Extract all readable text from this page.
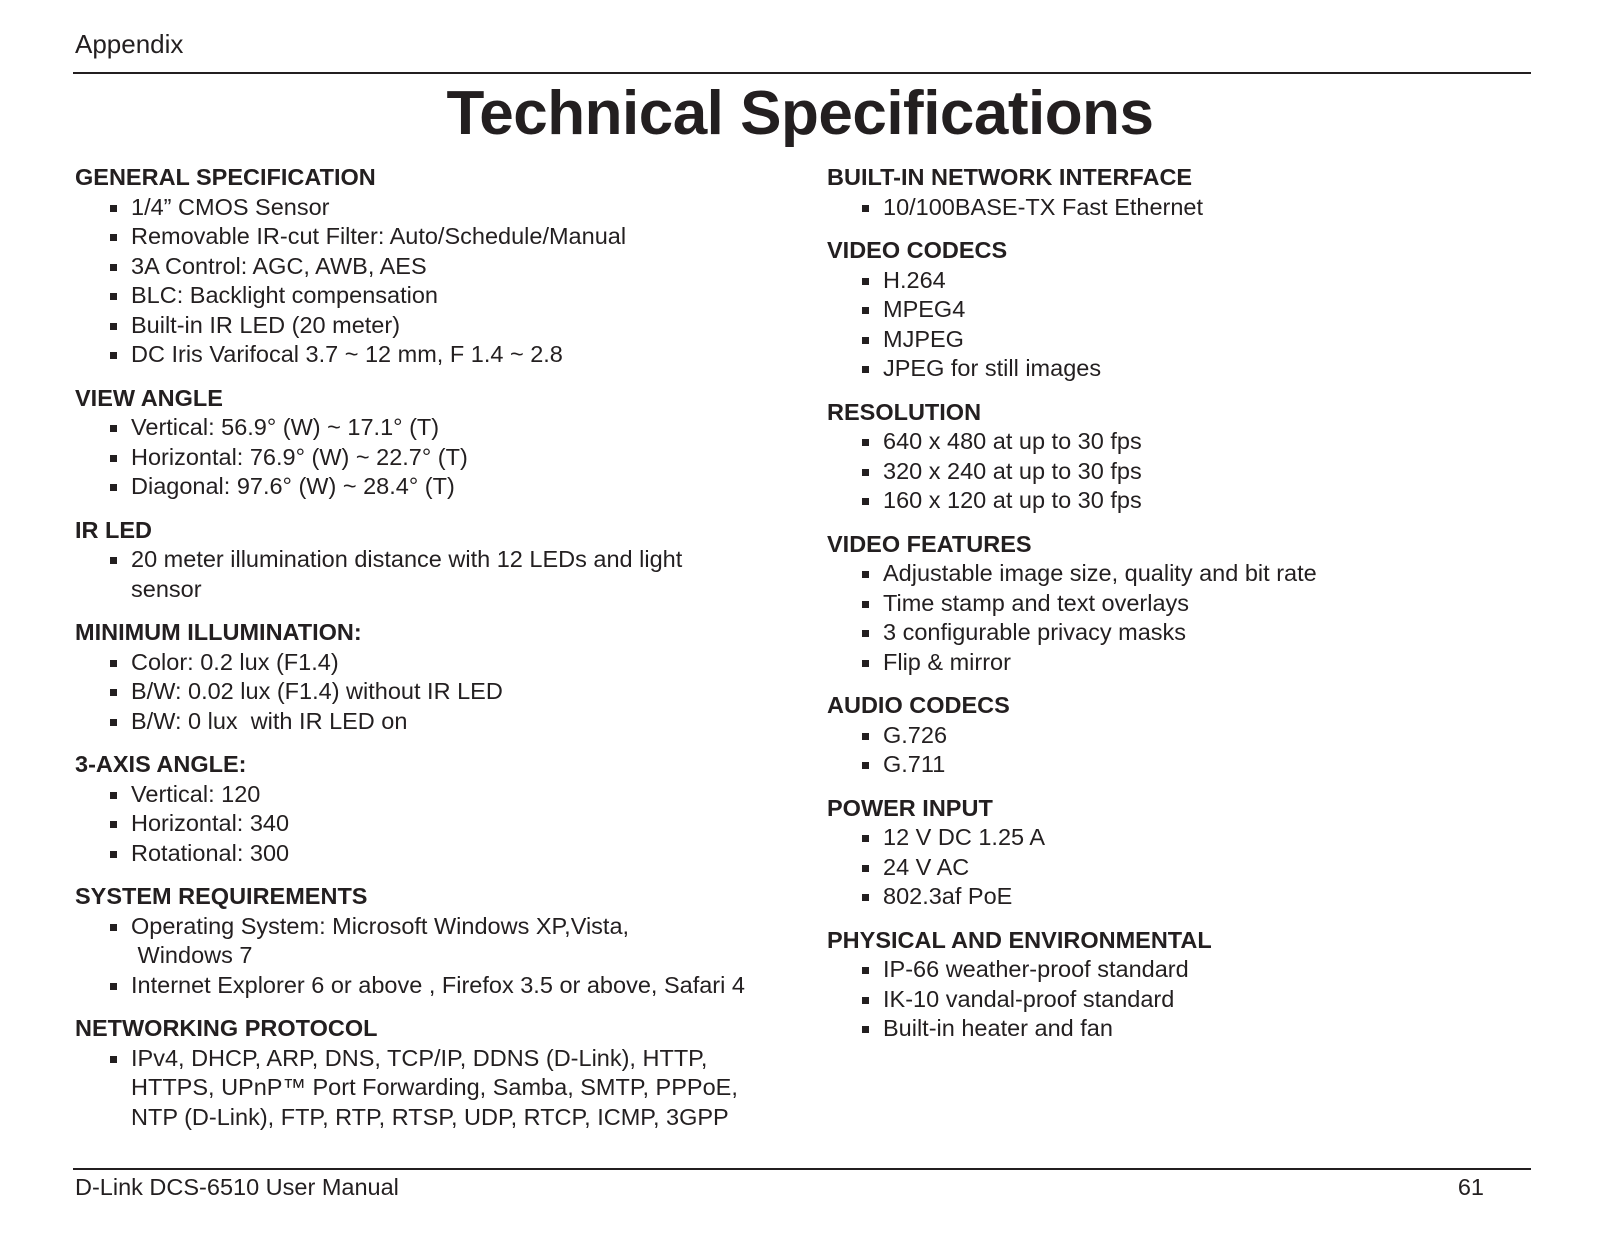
Appendix
Technical Specifications
GENERAL SPECIFICATION
1/4” CMOS Sensor
Removable IR-cut Filter: Auto/Schedule/Manual
3A Control: AGC, AWB, AES
BLC: Backlight compensation
Built-in IR LED (20 meter)
DC Iris Varifocal 3.7 ~ 12 mm, F 1.4 ~ 2.8
VIEW ANGLE
Vertical: 56.9° (W) ~ 17.1° (T)
Horizontal: 76.9° (W) ~ 22.7° (T)
Diagonal: 97.6° (W) ~ 28.4° (T)
IR LED
20 meter illumination distance with 12 LEDs and light
sensor
MINIMUM ILLUMINATION:
Color: 0.2 lux (F1.4)
B/W: 0.02 lux (F1.4) without IR LED
B/W: 0 lux  with IR LED on
3-AXIS ANGLE:
Vertical: 120
Horizontal: 340
Rotational: 300
SYSTEM REQUIREMENTS
Operating System: Microsoft Windows XP,Vista,
Windows 7
Internet Explorer 6 or above , Firefox 3.5 or above, Safari 4
NETWORKING PROTOCOL
IPv4, DHCP, ARP, DNS, TCP/IP, DDNS (D-Link), HTTP,
HTTPS, UPnP™ Port Forwarding, Samba, SMTP, PPPoE,
NTP (D-Link), FTP, RTP, RTSP, UDP, RTCP, ICMP, 3GPP
BUILT-IN NETWORK INTERFACE
10/100BASE-TX Fast Ethernet
VIDEO CODECS
H.264
MPEG4
MJPEG
JPEG for still images
RESOLUTION
640 x 480 at up to 30 fps
320 x 240 at up to 30 fps
160 x 120 at up to 30 fps
VIDEO FEATURES
Adjustable image size, quality and bit rate
Time stamp and text overlays
3 configurable privacy masks
Flip & mirror
AUDIO CODECS
G.726
G.711
POWER INPUT
12 V DC 1.25 A
24 V AC
802.3af PoE
PHYSICAL AND ENVIRONMENTAL
IP-66 weather-proof standard
IK-10 vandal-proof standard
Built-in heater and fan
D-Link DCS-6510 User Manual	61
